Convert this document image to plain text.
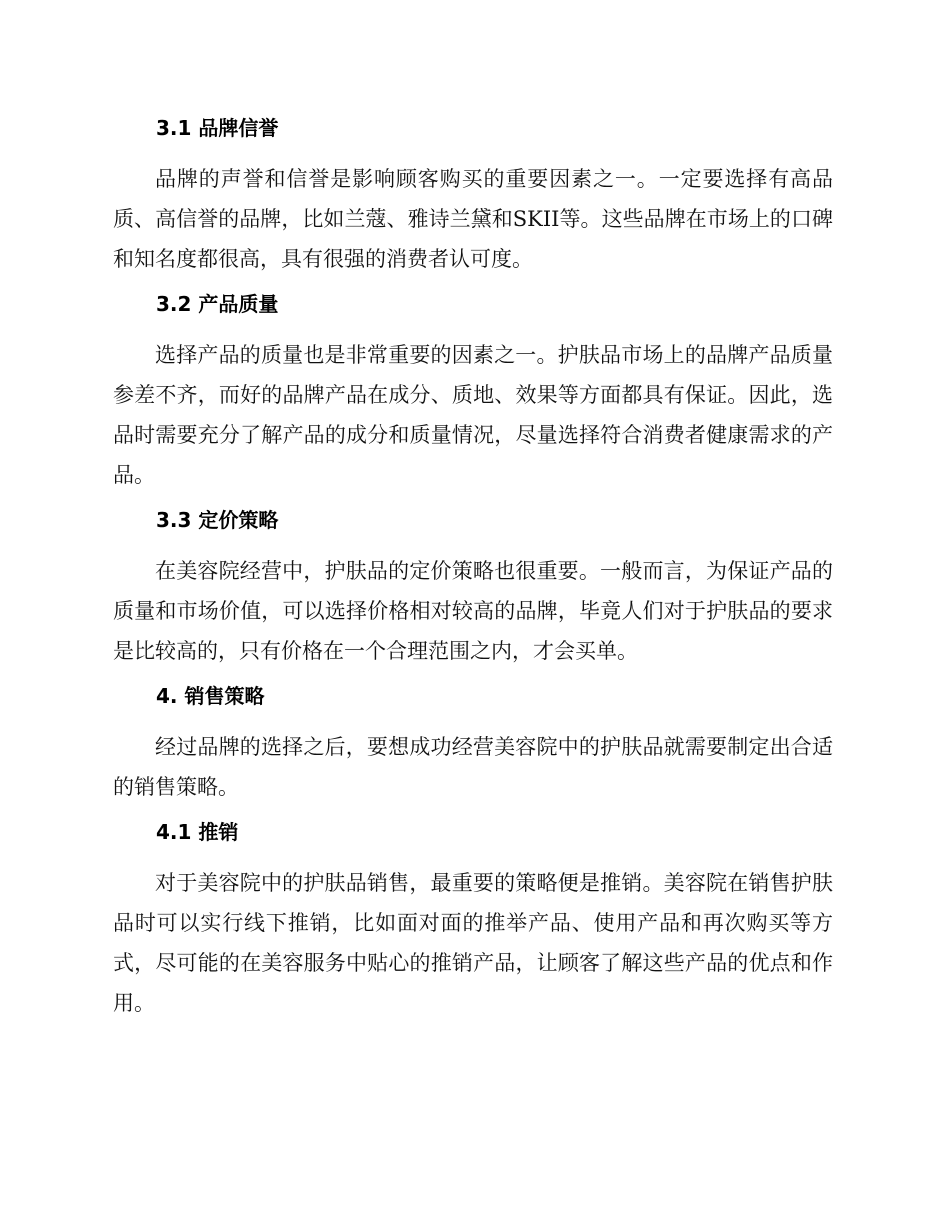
3.1 品牌信誉

品牌的声誉和信誉是影响顾客购买的重要因素之一。一定要选择有高品质、高信誉的品牌，比如兰蔻、雅诗兰黛和SKII等。这些品牌在市场上的口碑和知名度都很高，具有很强的消费者认可度。

3.2 产品质量

选择产品的质量也是非常重要的因素之一。护肤品市场上的品牌产品质量参差不齐，而好的品牌产品在成分、质地、效果等方面都具有保证。因此，选品时需要充分了解产品的成分和质量情况，尽量选择符合消费者健康需求的产品。

3.3 定价策略

在美容院经营中，护肤品的定价策略也很重要。一般而言，为保证产品的质量和市场价值，可以选择价格相对较高的品牌，毕竟人们对于护肤品的要求是比较高的，只有价格在一个合理范围之内，才会买单。

4. 销售策略

经过品牌的选择之后，要想成功经营美容院中的护肤品就需要制定出合适的销售策略。

4.1 推销

对于美容院中的护肤品销售，最重要的策略便是推销。美容院在销售护肤品时可以实行线下推销，比如面对面的推举产品、使用产品和再次购买等方式，尽可能的在美容服务中贴心的推销产品，让顾客了解这些产品的优点和作用。
